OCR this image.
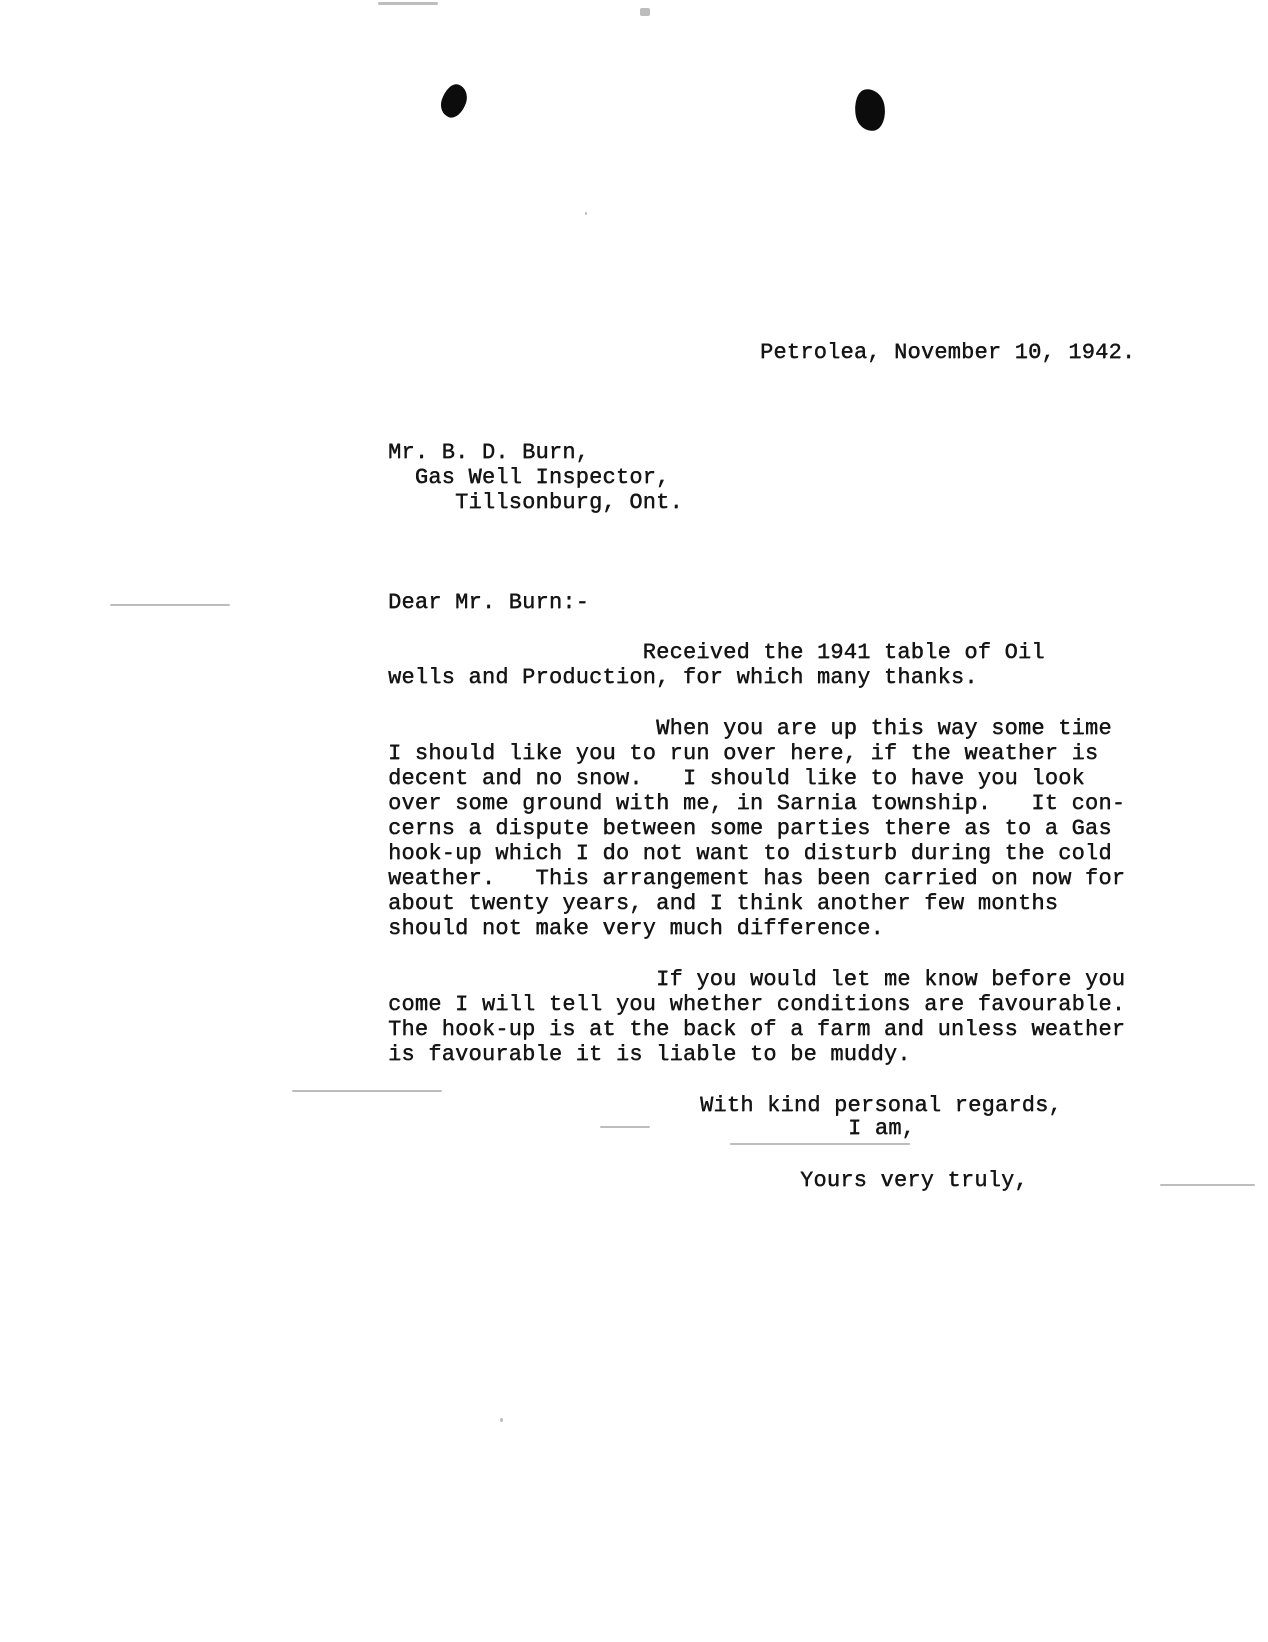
Petrolea, November 10, 1942.
Mr. B. D. Burn,
Gas Well Inspector,
Tillsonburg, Ont.
Dear Mr. Burn:-
Received the 1941 table of Oil
wells and Production, for which many thanks.
When you are up this way some time
I should like you to run over here, if the weather is
decent and no snow.   I should like to have you look
over some ground with me, in Sarnia township.   It con-
cerns a dispute between some parties there as to a Gas
hook-up which I do not want to disturb during the cold
weather.   This arrangement has been carried on now for
about twenty years, and I think another few months
should not make very much difference.
If you would let me know before you
come I will tell you whether conditions are favourable.
The hook-up is at the back of a farm and unless weather
is favourable it is liable to be muddy.
With kind personal regards,
I am,
Yours very truly,
